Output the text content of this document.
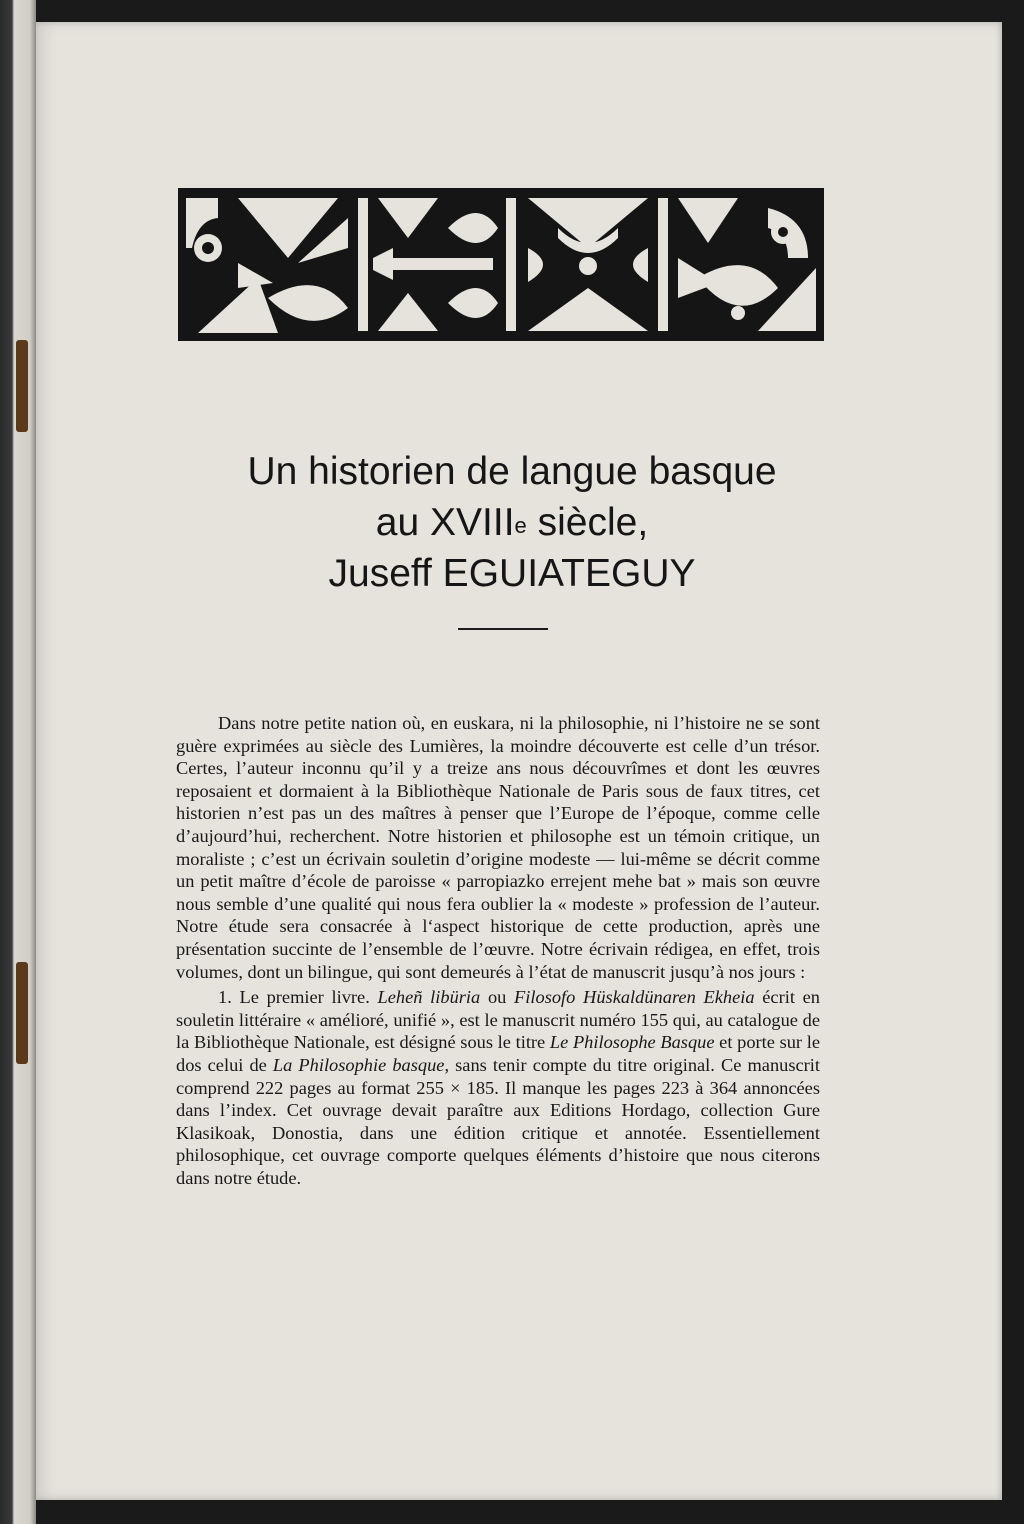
Un historien de langue basque
au XVIIIe siècle,
Juseff EGUIATEGUY

Dans notre petite nation où, en euskara, ni la philosophie, ni l’histoire ne se sont guère exprimées au siècle des Lumières, la moindre découverte est celle d’un trésor. Certes, l’auteur inconnu qu’il y a treize ans nous découvrîmes et dont les œuvres reposaient et dormaient à la Bibliothèque Nationale de Paris sous de faux titres, cet historien n’est pas un des maîtres à penser que l’Europe de l’époque, comme celle d’aujourd’hui, recherchent. Notre historien et philosophe est un témoin critique, un moraliste ; c’est un écrivain souletin d’origine modeste — lui-même se décrit comme un petit maître d’école de paroisse « parropiazko errejent mehe bat » mais son œuvre nous semble d’une qualité qui nous fera oublier la « modeste » profession de l’auteur. Notre étude sera consacrée à l‘aspect historique de cette production, après une présentation succinte de l’ensemble de l’œuvre. Notre écrivain rédigea, en effet, trois volumes, dont un bilingue, qui sont demeurés à l’état de manuscrit jusqu’à nos jours :

1. Le premier livre. Leheñ libüria ou Filosofo Hüskaldünaren Ekheia écrit en souletin littéraire « amélioré, unifié », est le manuscrit numéro 155 qui, au catalogue de la Bibliothèque Nationale, est désigné sous le titre Le Philosophe Basque et porte sur le dos celui de La Philosophie basque, sans tenir compte du titre original. Ce manuscrit comprend 222 pages au format 255 × 185. Il manque les pages 223 à 364 annoncées dans l’index. Cet ouvrage devait paraître aux Editions Hordago, collection Gure Klasikoak, Donostia, dans une édition critique et annotée. Essentiellement philosophique, cet ouvrage comporte quelques éléments d’histoire que nous citerons dans notre étude.
